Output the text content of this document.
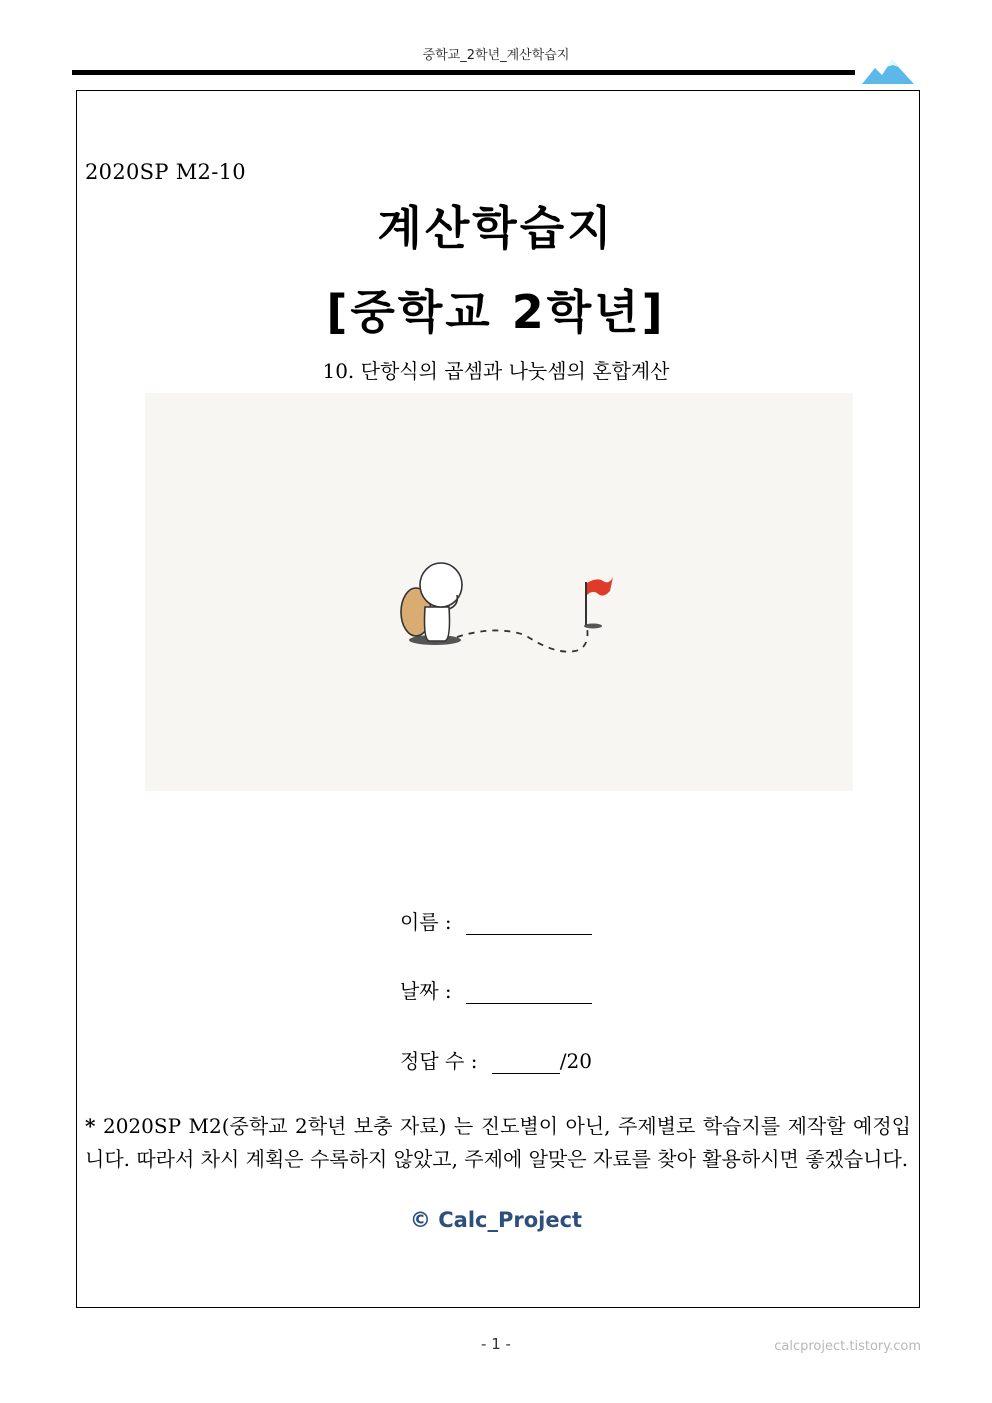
중학교_2학년_계산학습지
2020SP M2-10
계산학습지
[중학교 2학년]
10. 단항식의 곱셈과 나눗셈의 혼합계산
이름 :
날짜 :
정답 수 :	/20
* 2020SP M2(중학교 2학년 보충 자료) 는 진도별이 아닌, 주제별로 학습지를 제작할 예정입니다. 따라서 차시 계획은 수록하지 않았고, 주제에 알맞은 자료를 찾아 활용하시면 좋겠습니다.
© Calc_Project
- 1 -	calcproject.tistory.com
